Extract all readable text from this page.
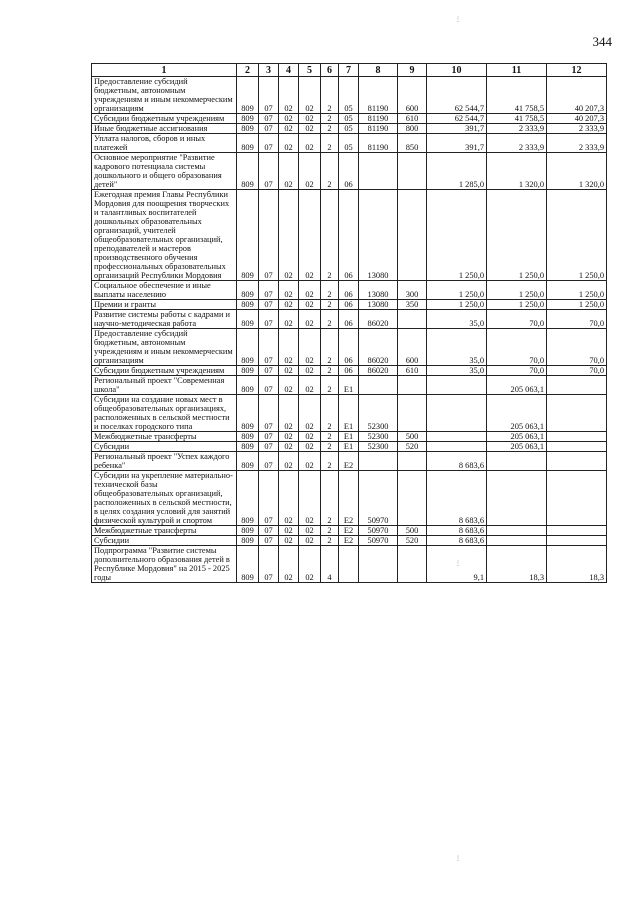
344
1	2	3	4	5	6	7	8	9	10	11	12
Предоставление субсидий бюджетным, автономным учреждениям и иным некоммерческим организациям	809	07	02	02	2	05	81190	600	62 544,7	41 758,5	40 207,3
Субсидии бюджетным учреждениям	809	07	02	02	2	05	81190	610	62 544,7	41 758,5	40 207,3
Иные бюджетные ассигнования	809	07	02	02	2	05	81190	800	391,7	2 333,9	2 333,9
Уплата налогов, сборов и иных платежей	809	07	02	02	2	05	81190	850	391,7	2 333,9	2 333,9
Основное мероприятие "Развитие кадрового потенциала системы дошкольного и общего образования детей"	809	07	02	02	2	06			1 285,0	1 320,0	1 320,0
Ежегодная премия Главы Республики Мордовия для поощрения творческих и талантливых воспитателей дошкольных образовательных организаций, учителей общеобразовательных организаций, преподавателей и мастеров производственного обучения профессиональных образовательных организаций Республики Мордовия	809	07	02	02	2	06	13080		1 250,0	1 250,0	1 250,0
Социальное обеспечение и иные выплаты населению	809	07	02	02	2	06	13080	300	1 250,0	1 250,0	1 250,0
Премии и гранты	809	07	02	02	2	06	13080	350	1 250,0	1 250,0	1 250,0
Развитие системы работы с кадрами и научно-методическая работа	809	07	02	02	2	06	86020		35,0	70,0	70,0
Предоставление субсидий бюджетным, автономным учреждениям и иным некоммерческим организациям	809	07	02	02	2	06	86020	600	35,0	70,0	70,0
Субсидии бюджетным учреждениям	809	07	02	02	2	06	86020	610	35,0	70,0	70,0
Региональный проект "Современная школа"	809	07	02	02	2	E1				205 063,1	
Субсидии на создание новых мест в общеобразовательных организациях, расположенных в сельской местности и поселках городского типа	809	07	02	02	2	E1	52300			205 063,1	
Межбюджетные трансферты	809	07	02	02	2	E1	52300	500		205 063,1	
Субсидии	809	07	02	02	2	E1	52300	520		205 063,1	
Региональный проект "Успех каждого ребенка"	809	07	02	02	2	E2			8 683,6		
Субсидии на укрепление материально-технической базы общеобразовательных организаций, расположенных в сельской местности, в целях создания условий для занятий физической культурой и спортом	809	07	02	02	2	E2	50970		8 683,6		
Межбюджетные трансферты	809	07	02	02	2	E2	50970	500	8 683,6		
Субсидии	809	07	02	02	2	E2	50970	520	8 683,6		
Подпрограмма "Развитие системы дополнительного образования детей в Республике Мордовия" на 2015 - 2025 годы	809	07	02	02	4				9,1	18,3	18,3
⋮
⋮
⋮
